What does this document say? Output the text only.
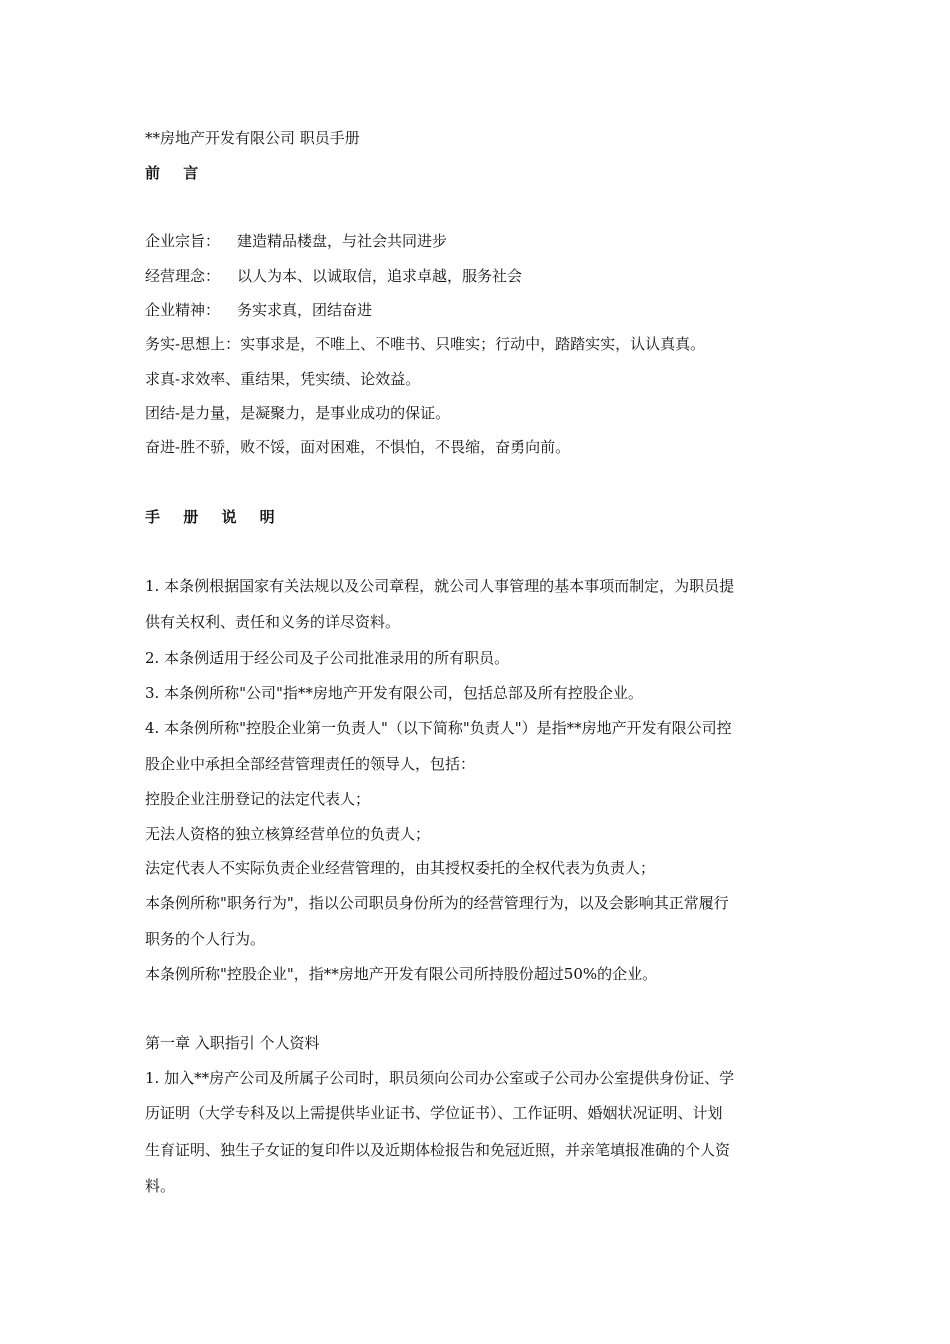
**房地产开发有限公司 职员手册
前 言
企业宗旨： 建造精品楼盘，与社会共同进步
经营理念： 以人为本、以诚取信，追求卓越，服务社会
企业精神： 务实求真，团结奋进
务实-思想上：实事求是，不唯上、不唯书、只唯实；行动中，踏踏实实，认认真真。
求真-求效率、重结果，凭实绩、论效益。
团结-是力量，是凝聚力，是事业成功的保证。
奋进-胜不骄，败不馁，面对困难，不惧怕，不畏缩，奋勇向前。
手 册 说 明
1. 本条例根据国家有关法规以及公司章程，就公司人事管理的基本事项而制定，为职员提
供有关权利、责任和义务的详尽资料。
2. 本条例适用于经公司及子公司批准录用的所有职员。
3. 本条例所称"公司"指**房地产开发有限公司，包括总部及所有控股企业。
4. 本条例所称"控股企业第一负责人"（以下简称"负责人"）是指**房地产开发有限公司控
股企业中承担全部经营管理责任的领导人，包括：
控股企业注册登记的法定代表人；
无法人资格的独立核算经营单位的负责人；
法定代表人不实际负责企业经营管理的，由其授权委托的全权代表为负责人；
本条例所称"职务行为"，指以公司职员身份所为的经营管理行为，以及会影响其正常履行
职务的个人行为。
本条例所称"控股企业"，指**房地产开发有限公司所持股份超过50%的企业。
第一章 入职指引 个人资料
1. 加入**房产公司及所属子公司时，职员须向公司办公室或子公司办公室提供身份证、学
历证明（大学专科及以上需提供毕业证书、学位证书）、工作证明、婚姻状况证明、计划
生育证明、独生子女证的复印件以及近期体检报告和免冠近照，并亲笔填报准确的个人资
料。
